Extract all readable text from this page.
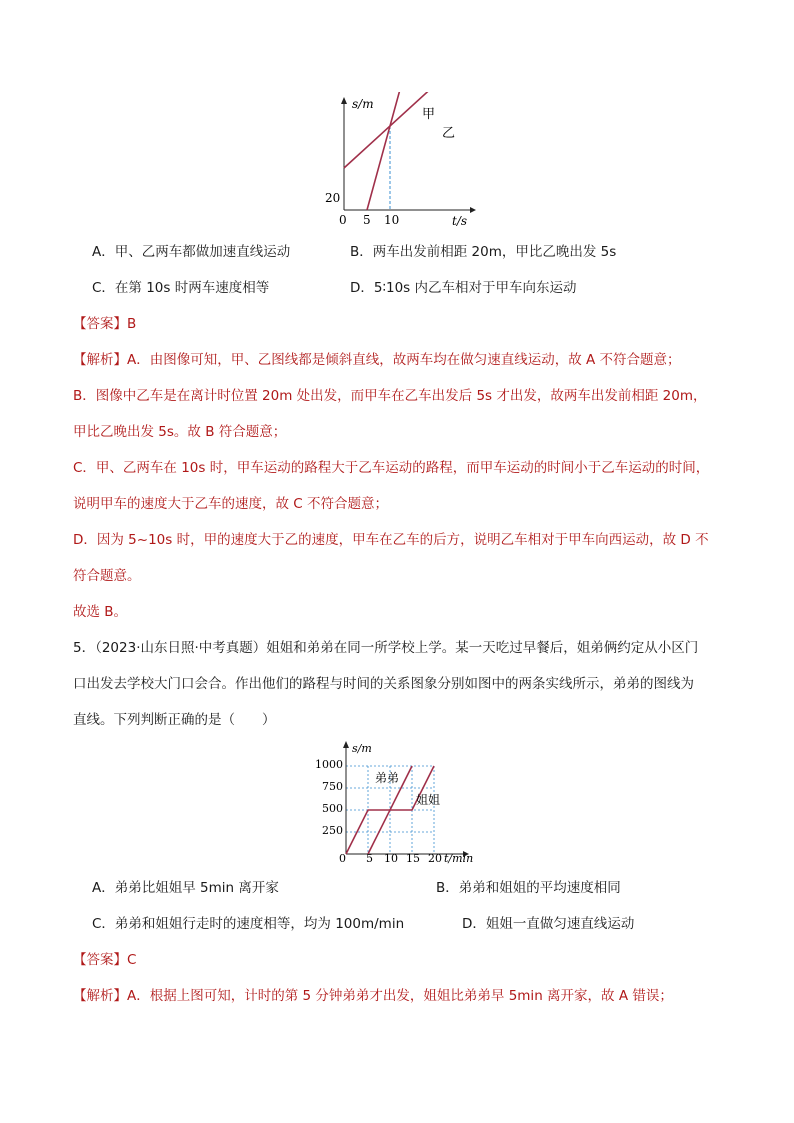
s/m
t/s
20
0 5 10
甲
乙
A．甲、乙两车都做加速直线运动	B．两车出发前相距 20m，甲比乙晚出发 5s
C．在第 10s 时两车速度相等	D．5∶10s 内乙车相对于甲车向东运动
【答案】B
【解析】A．由图像可知，甲、乙图线都是倾斜直线，故两车均在做匀速直线运动，故 A 不符合题意；
B．图像中乙车是在离计时位置 20m 处出发，而甲车在乙车出发后 5s 才出发，故两车出发前相距 20m，
甲比乙晚出发 5s。故 B 符合题意；
C．甲、乙两车在 10s 时，甲车运动的路程大于乙车运动的路程，而甲车运动的时间小于乙车运动的时间，
说明甲车的速度大于乙车的速度，故 C 不符合题意；
D．因为 5~10s 时，甲的速度大于乙的速度，甲车在乙车的后方，说明乙车相对于甲车向西运动，故 D 不
符合题意。
故选 B。
5．（2023·山东日照·中考真题）姐姐和弟弟在同一所学校上学。某一天吃过早餐后，姐弟俩约定从小区门
口出发去学校大门口会合。作出他们的路程与时间的关系图象分别如图中的两条实线所示，弟弟的图线为
直线。下列判断正确的是（　　）
s/m
t/min
1000
750
500
250
0 5 10 15 20
弟弟
姐姐
A．弟弟比姐姐早 5min 离开家	B．弟弟和姐姐的平均速度相同
C．弟弟和姐姐行走时的速度相等，均为 100m/min	D．姐姐一直做匀速直线运动
【答案】C
【解析】A．根据上图可知，计时的第 5 分钟弟弟才出发，姐姐比弟弟早 5min 离开家，故 A 错误；
